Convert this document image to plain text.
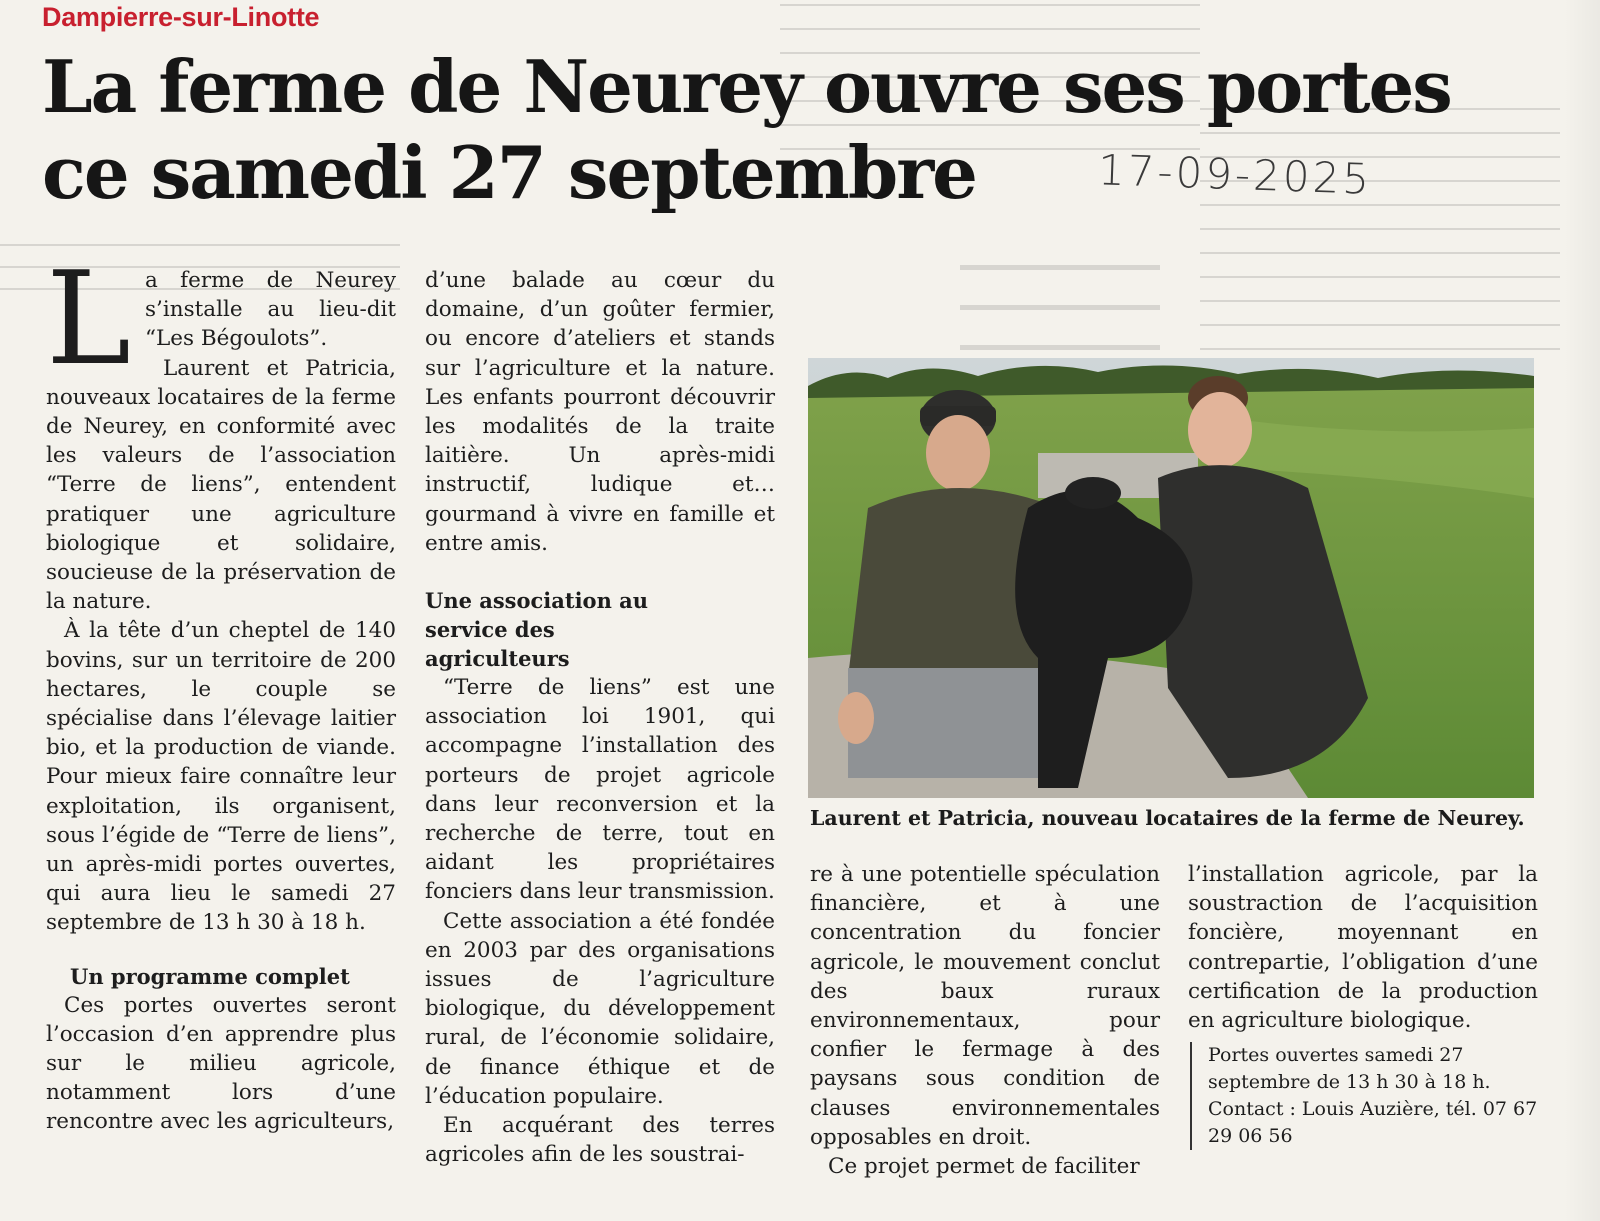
Dampierre-sur-Linotte
La ferme de Neurey ouvre ses portes ce samedi 27 septembre	17-09-2025

La ferme de Neurey s’installe au lieu-dit “Les Bégoulots”.

Laurent et Patricia, nouveaux locataires de la ferme de Neurey, en conformité avec les valeurs de l’association “Terre de liens”, entendent pratiquer une agriculture biologique et solidaire, soucieuse de la préservation de la nature.

À la tête d’un cheptel de 140 bovins, sur un territoire de 200 hectares, le couple se spécialise dans l’élevage laitier bio, et la production de viande. Pour mieux faire connaître leur exploitation, ils organisent, sous l’égide de “Terre de liens”, un après-midi portes ouvertes, qui aura lieu le samedi 27 septembre de 13 h 30 à 18 h.

Un programme complet

Ces portes ouvertes seront l’occasion d’en apprendre plus sur le milieu agricole, notamment lors d’une rencontre avec les agriculteurs,

d’une balade au cœur du domaine, d’un goûter fermier, ou encore d’ateliers et stands sur l’agriculture et la nature. Les enfants pourront découvrir les modalités de la traite laitière. Un après-midi instructif, ludique et… gourmand à vivre en famille et entre amis.

Une association au service des agriculteurs

“Terre de liens” est une association loi 1901, qui accompagne l’installation des porteurs de projet agricole dans leur reconversion et la recherche de terre, tout en aidant les propriétaires fonciers dans leur transmission.

Cette association a été fondée en 2003 par des organisations issues de l’agriculture biologique, du développement rural, de l’économie solidaire, de finance éthique et de l’éducation populaire.

En acquérant des terres agricoles afin de les soustrai-

Laurent et Patricia, nouveau locataires de la ferme de Neurey.

re à une potentielle spéculation financière, et à une concentration du foncier agricole, le mouvement conclut des baux ruraux environnementaux, pour confier le fermage à des paysans sous condition de clauses environnementales opposables en droit.

Ce projet permet de faciliter

l’installation agricole, par la soustraction de l’acquisition foncière, moyennant en contrepartie, l’obligation d’une certification de la production en agriculture biologique.

Portes ouvertes samedi 27 septembre de 13 h 30 à 18 h. Contact : Louis Auzière, tél. 07 67 29 06 56
